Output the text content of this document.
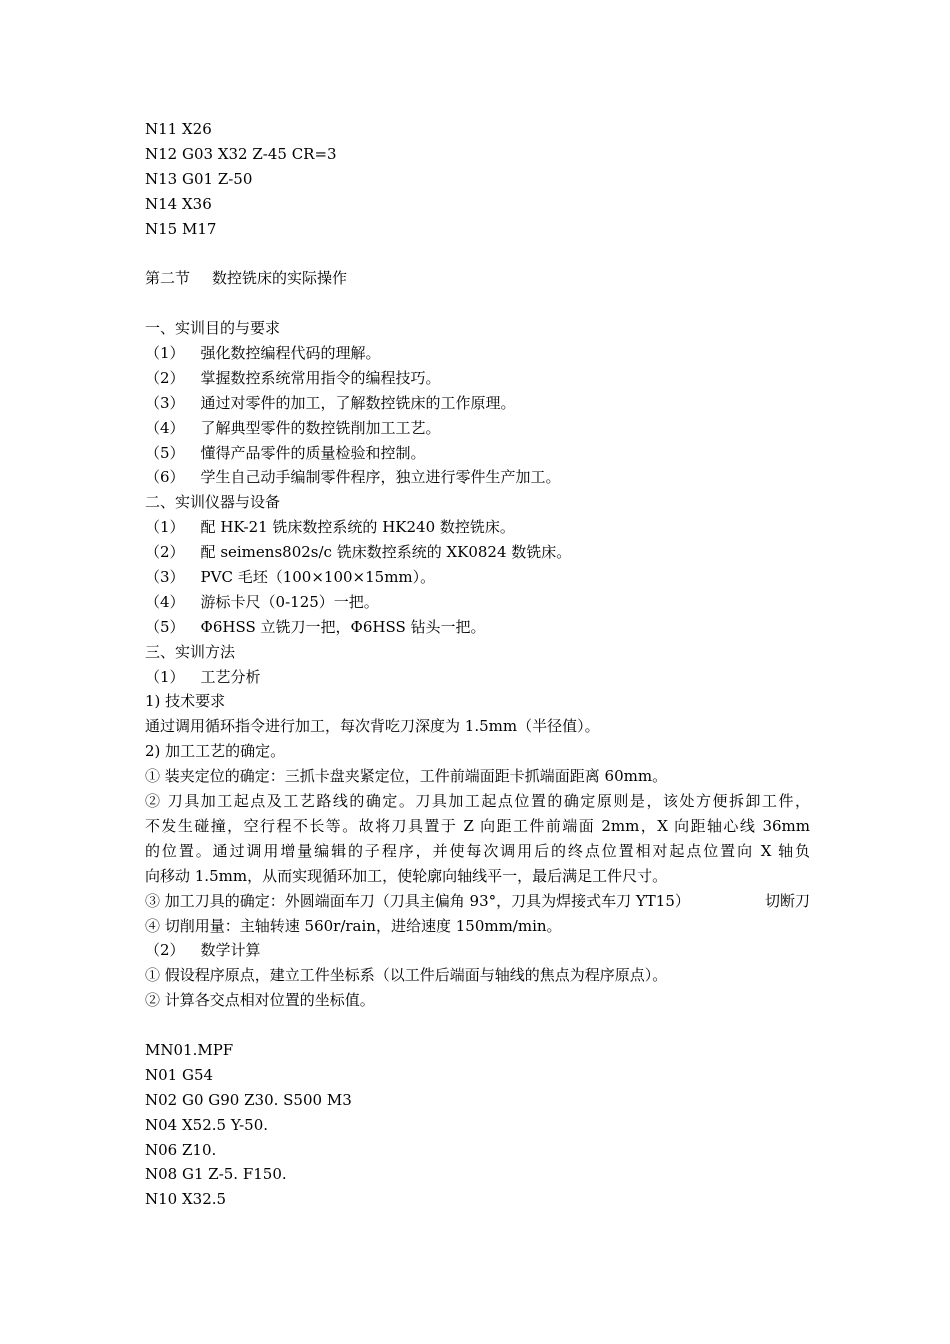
N11 X26
N12 G03 X32 Z-45 CR=3
N13 G01 Z-50
N14 X36
N15 M17
第二节 数控铣床的实际操作
一、实训目的与要求
（1） 强化数控编程代码的理解。
（2） 掌握数控系统常用指令的编程技巧。
（3） 通过对零件的加工，了解数控铣床的工作原理。
（4） 了解典型零件的数控铣削加工工艺。
（5） 懂得产品零件的质量检验和控制。
（6） 学生自己动手编制零件程序，独立进行零件生产加工。
二、实训仪器与设备
（1） 配 HK-21 铣床数控系统的 HK240 数控铣床。
（2） 配 seimens802s/c 铣床数控系统的 XK0824 数铣床。
（3） PVC 毛坯（100×100×15mm）。
（4） 游标卡尺（0-125）一把。
（5） Φ6HSS 立铣刀一把，Φ6HSS 钻头一把。
三、实训方法
（1） 工艺分析
1) 技术要求
通过调用循环指令进行加工，每次背吃刀深度为 1.5mm（半径值）。
2) 加工工艺的确定。
① 装夹定位的确定：三抓卡盘夹紧定位，工件前端面距卡抓端面距离 60mm。
② 刀具加工起点及工艺路线的确定。刀具加工起点位置的确定原则是，该处方便拆卸工件，
不发生碰撞，空行程不长等。故将刀具置于 Z 向距工件前端面 2mm，X 向距轴心线 36mm
的位置。通过调用增量编辑的子程序，并使每次调用后的终点位置相对起点位置向 X 轴负
向移动 1.5mm，从而实现循环加工，使轮廓向轴线平一，最后满足工件尺寸。
③ 加工刀具的确定：外圆端面车刀（刀具主偏角 93°，刀具为焊接式车刀 YT15）	切断刀
④ 切削用量：主轴转速 560r/rain，进给速度 150mm/min。
（2） 数学计算
① 假设程序原点，建立工件坐标系（以工件后端面与轴线的焦点为程序原点）。
② 计算各交点相对位置的坐标值。
MN01.MPF
N01 G54
N02 G0 G90 Z30. S500 M3
N04 X52.5 Y-50.
N06 Z10.
N08 G1 Z-5. F150.
N10 X32.5
